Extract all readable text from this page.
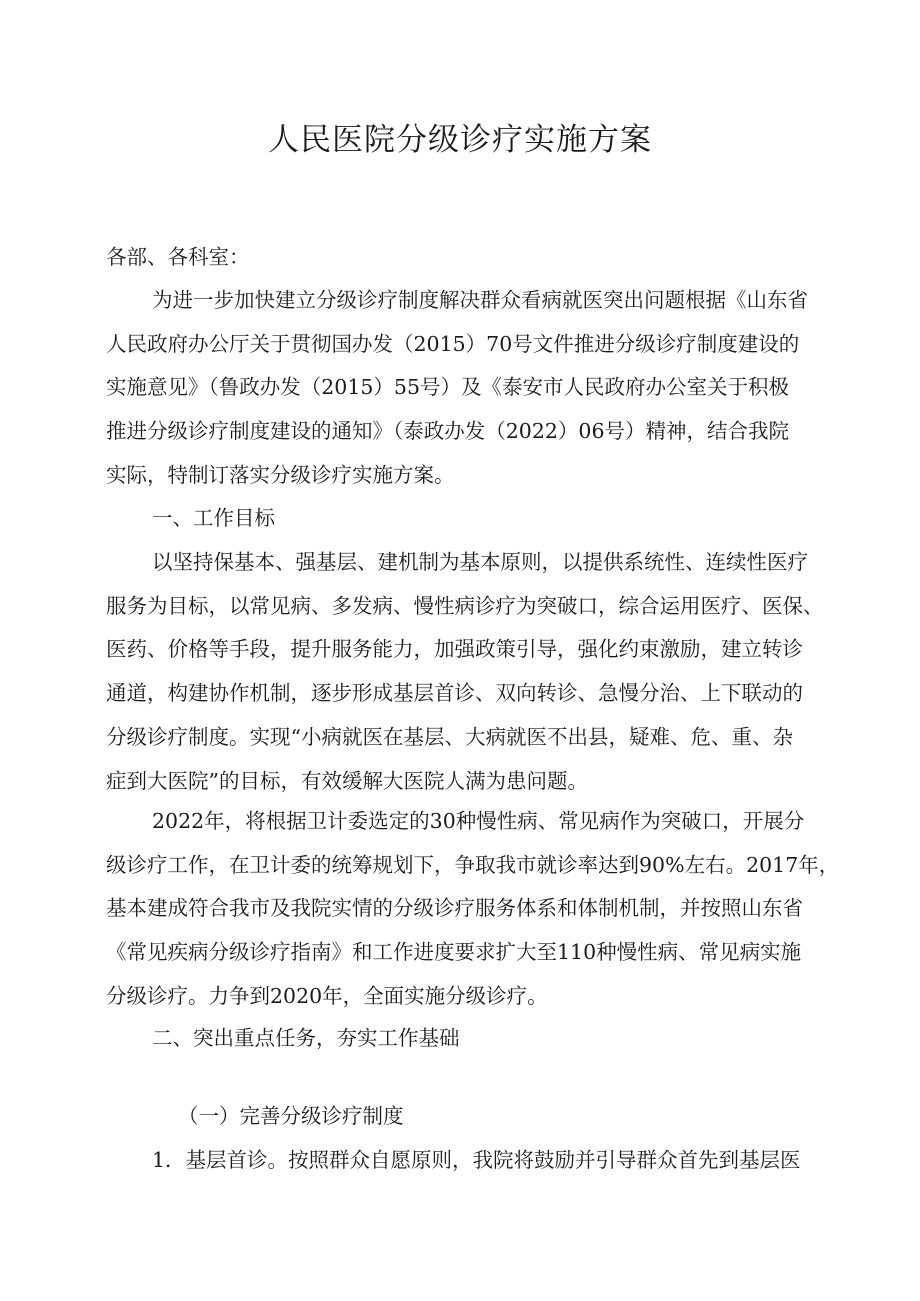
人民医院分级诊疗实施方案
各部、各科室：
为进一步加快建立分级诊疗制度解决群众看病就医突出问题根据《山东省
人民政府办公厅关于贯彻国办发（2015）70号文件推进分级诊疗制度建设的
实施意见》（鲁政办发（2015）55号）及《泰安市人民政府办公室关于积极
推进分级诊疗制度建设的通知》（泰政办发（2022）06号）精神，结合我院
实际，特制订落实分级诊疗实施方案。
一、工作目标
以坚持保基本、强基层、建机制为基本原则，以提供系统性、连续性医疗
服务为目标，以常见病、多发病、慢性病诊疗为突破口，综合运用医疗、医保、
医药、价格等手段，提升服务能力，加强政策引导，强化约束激励，建立转诊
通道，构建协作机制，逐步形成基层首诊、双向转诊、急慢分治、上下联动的
分级诊疗制度。实现“小病就医在基层、大病就医不出县，疑难、危、重、杂
症到大医院”的目标，有效缓解大医院人满为患问题。
2022年，将根据卫计委选定的30种慢性病、常见病作为突破口，开展分
级诊疗工作，在卫计委的统筹规划下，争取我市就诊率达到90%左右。2017年，
基本建成符合我市及我院实情的分级诊疗服务体系和体制机制，并按照山东省
《常见疾病分级诊疗指南》和工作进度要求扩大至110种慢性病、常见病实施
分级诊疗。力争到2020年，全面实施分级诊疗。
二、突出重点任务，夯实工作基础
（一）完善分级诊疗制度
1．基层首诊。按照群众自愿原则，我院将鼓励并引导群众首先到基层医
